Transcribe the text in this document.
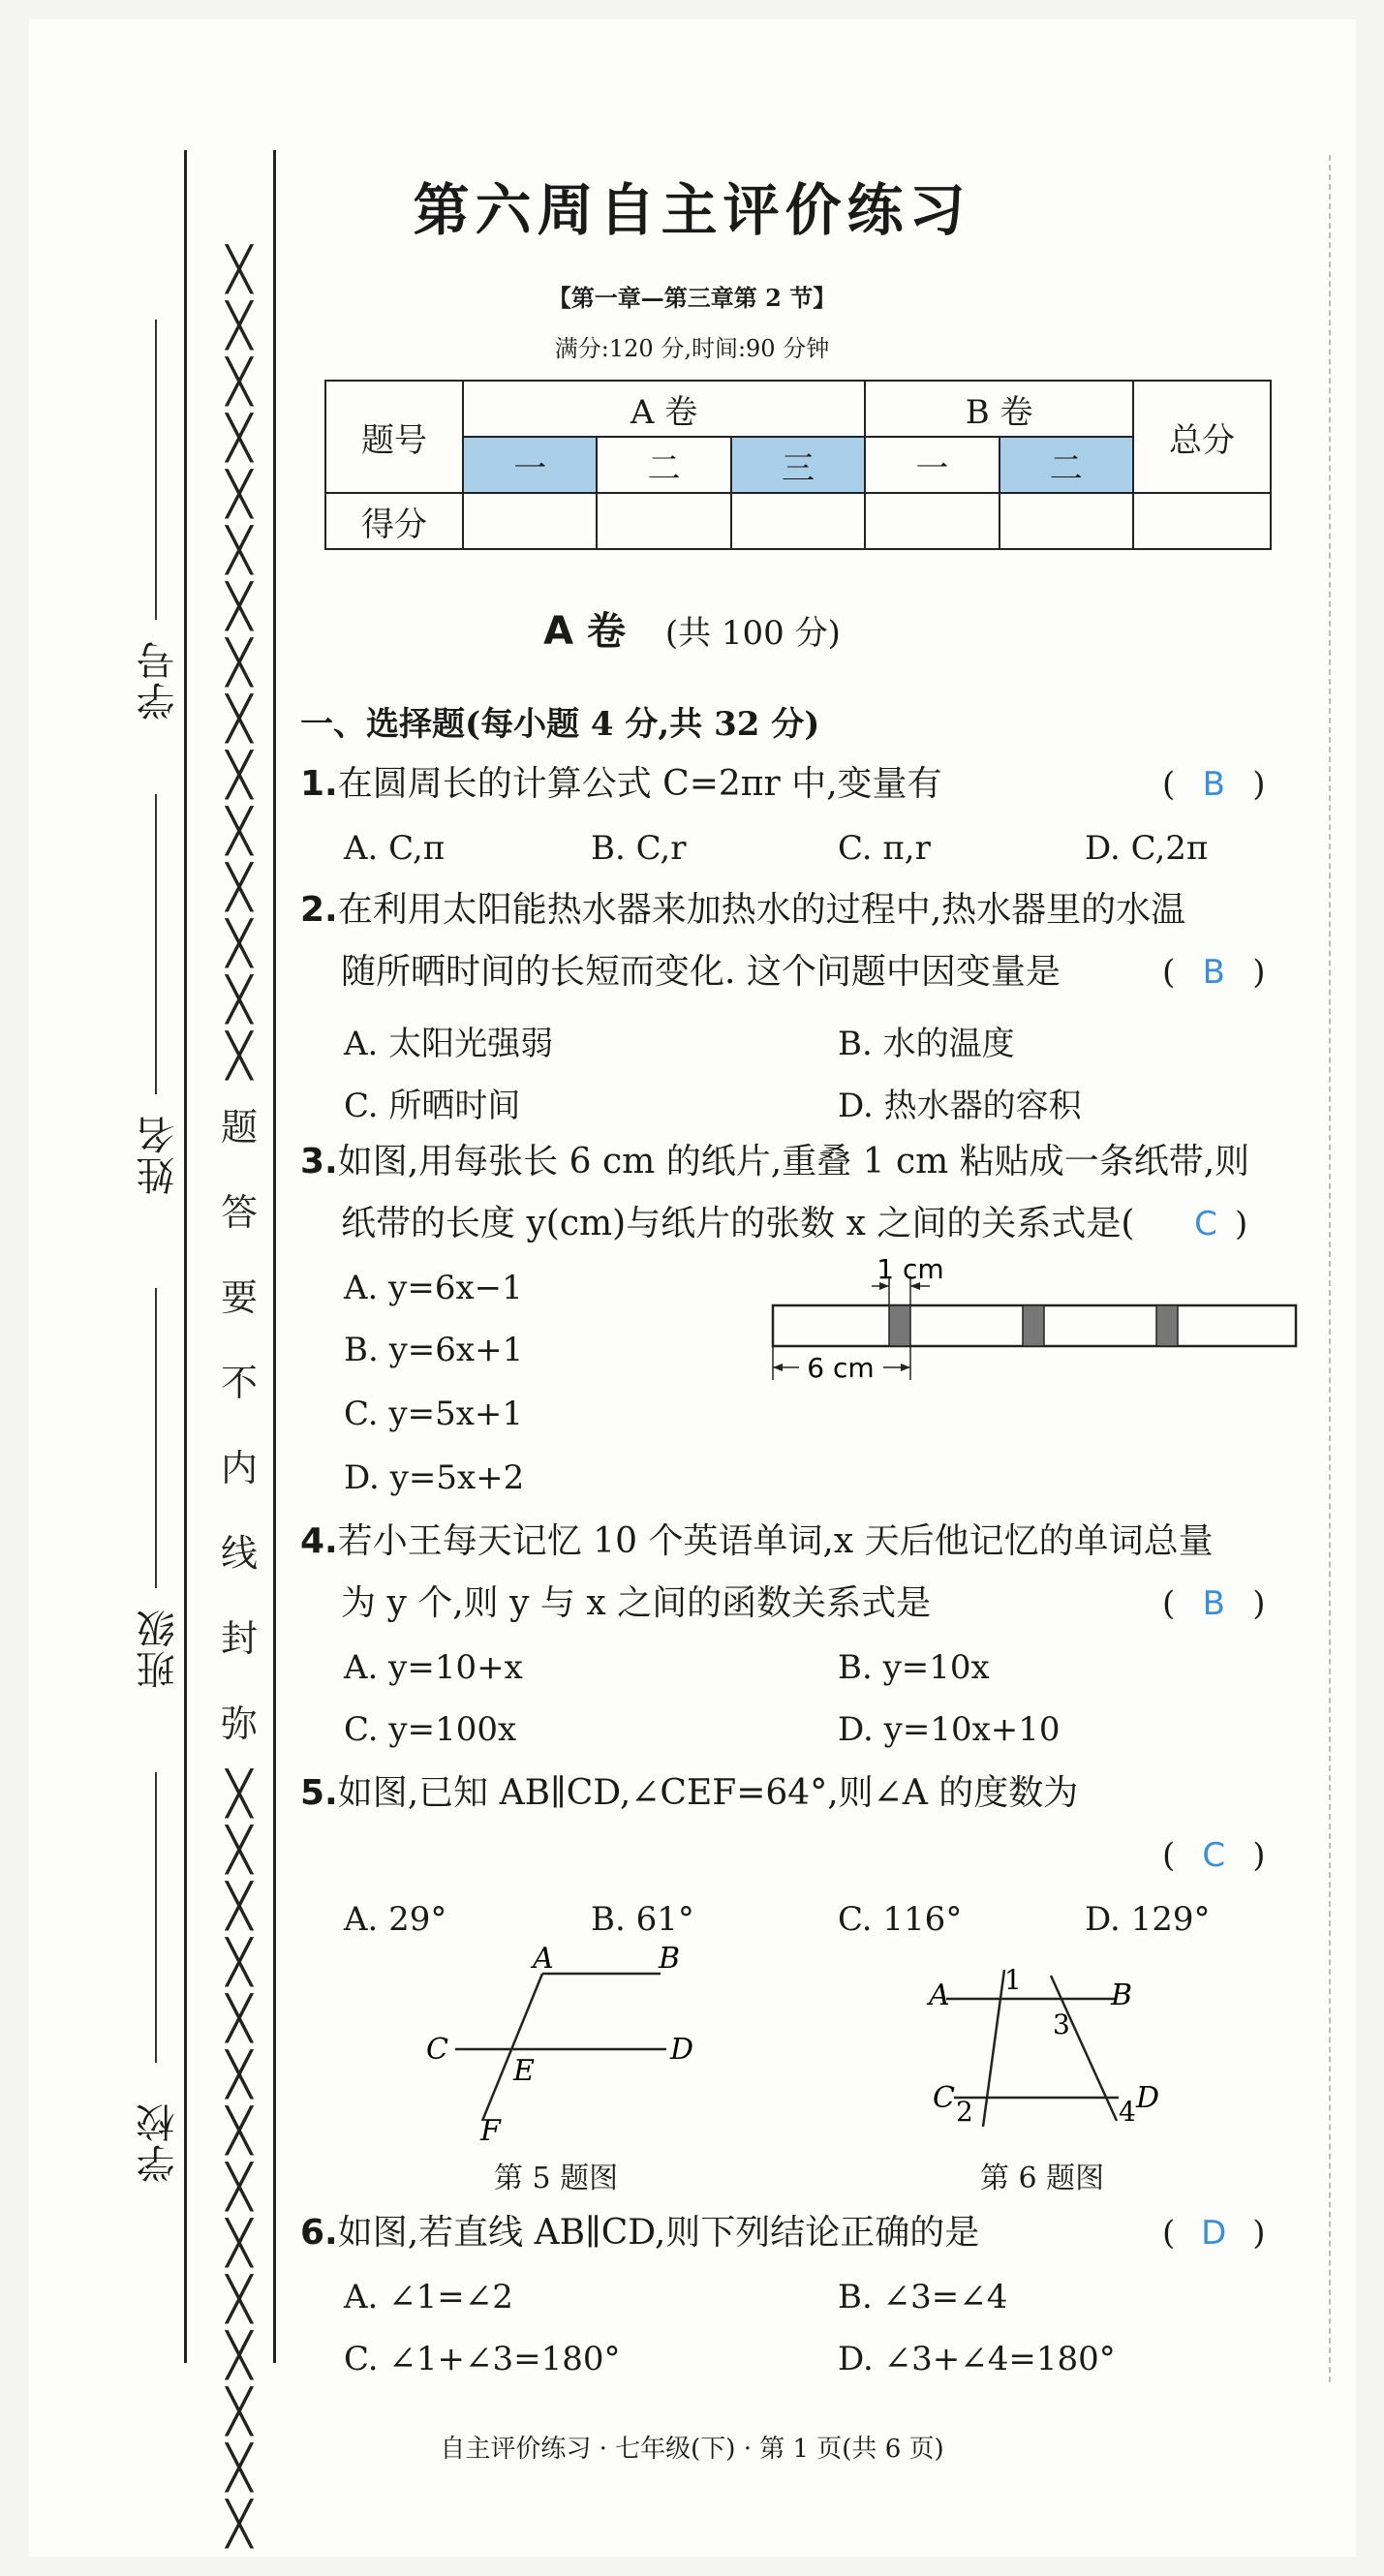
╳
╳
╳
╳
╳
╳
╳
╳
╳
╳
╳
╳
╳
╳
╳
题
答
要
不
内
线
封
弥
╳
╳
╳
╳
╳
╳
╳
╳
╳
╳
╳
╳
╳
╳
学号
姓名
班级
学校
第六周自主评价练习
【第一章—第三章第 2 节】
满分:120 分,时间:90 分钟
题号	A 卷			B 卷		总分
	一	二	三	一	二	
得分						
A 卷 (共 100 分)
一、选择题(每小题 4 分,共 32 分)
1.在圆周长的计算公式 C=2πr 中,变量有	( B )
A. C,π	B. C,r	C. π,r	D. C,2π
2.在利用太阳能热水器来加热水的过程中,热水器里的水温
随所晒时间的长短而变化. 这个问题中因变量是	( B )
A. 太阳光强弱	B. 水的温度
C. 所晒时间	D. 热水器的容积
3.如图,用每张长 6 cm 的纸片,重叠 1 cm 粘贴成一条纸带,则
纸带的长度 y(cm)与纸片的张数 x 之间的关系式是(	C )
A. y=6x−1
B. y=6x+1
C. y=5x+1
D. y=5x+2
1 cm
6 cm
4.若小王每天记忆 10 个英语单词,x 天后他记忆的单词总量
为 y 个,则 y 与 x 之间的函数关系式是	( B )
A. y=10+x	B. y=10x
C. y=100x	D. y=10x+10
5.如图,已知 AB∥CD,∠CEF=64°,则∠A 的度数为
( C )
A. 29°	B. 61°	C. 116°	D. 129°
A	B
C	D
E
F
第 5 题图
A	B
C	D
1
2
3
4
第 6 题图
6.如图,若直线 AB∥CD,则下列结论正确的是	( D )
A. ∠1=∠2	B. ∠3=∠4
C. ∠1+∠3=180°	D. ∠3+∠4=180°
自主评价练习 · 七年级(下) · 第 1 页(共 6 页)
